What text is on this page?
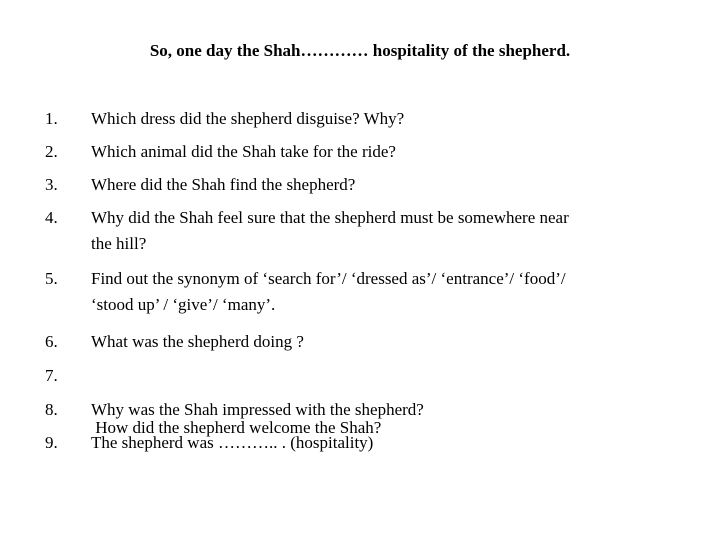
So, one day the Shah………… hospitality of the shepherd.
1. Which dress did the shepherd disguise? Why?
2. Which animal did the Shah take for the ride?
3. Where did the Shah find the shepherd?
4. Why did the Shah feel sure that the shepherd must be somewhere near
the hill?
5. Find out the synonym of ‘search for’/ ‘dressed as’/ ‘entrance’/ ‘food’/
‘stood up’ / ‘give’/ ‘many’.
6. What was the shepherd doing ?
7.

How did the shepherd welcome the Shah?

8. Why was the Shah impressed with the shepherd?
9. The shepherd was ……….. . (hospitality)
